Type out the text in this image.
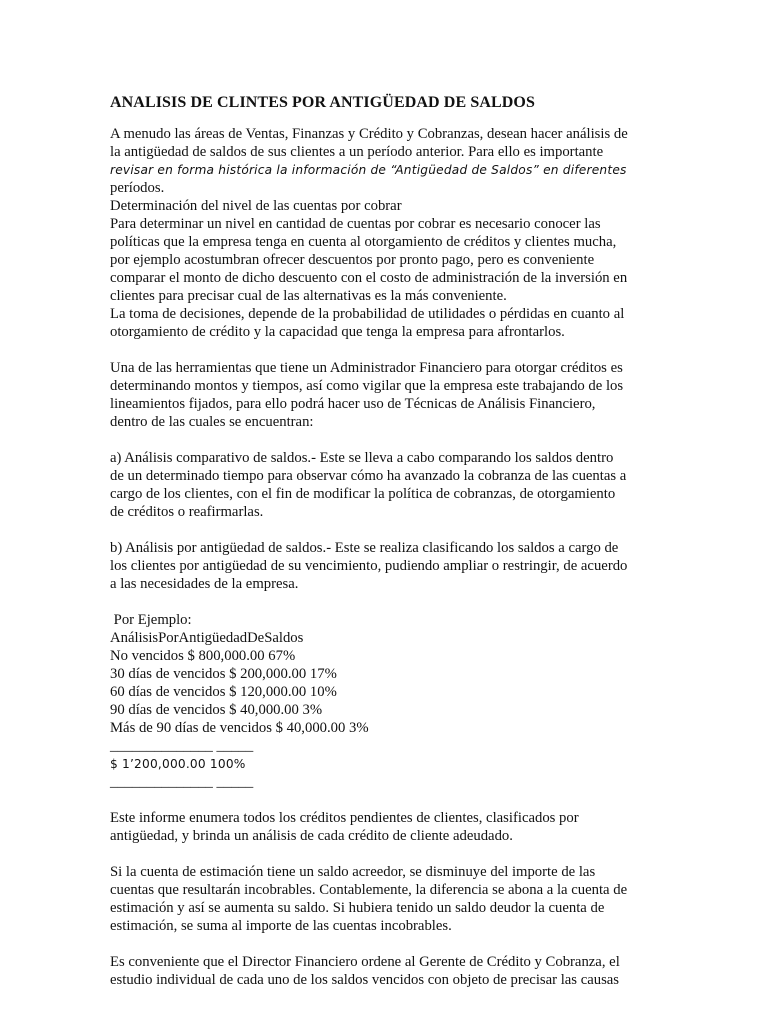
ANALISIS DE CLINTES POR ANTIGÜEDAD DE SALDOS
A menudo las áreas de Ventas, Finanzas y Crédito y Cobranzas, desean hacer análisis de
la antigüedad de saldos de sus clientes a un período anterior. Para ello es importante
revisar en forma histórica la información de “Antigüedad de Saldos” en diferentes
períodos.
Determinación del nivel de las cuentas por cobrar
Para determinar un nivel en cantidad de cuentas por cobrar es necesario conocer las
políticas que la empresa tenga en cuenta al otorgamiento de créditos y clientes mucha,
por ejemplo acostumbran ofrecer descuentos por pronto pago, pero es conveniente
comparar el monto de dicho descuento con el costo de administración de la inversión en
clientes para precisar cual de las alternativas es la más conveniente.
La toma de decisiones, depende de la probabilidad de utilidades o pérdidas en cuanto al
otorgamiento de crédito y la capacidad que tenga la empresa para afrontarlos.
Una de las herramientas que tiene un Administrador Financiero para otorgar créditos es
determinando montos y tiempos, así como vigilar que la empresa este trabajando de los
lineamientos fijados, para ello podrá hacer uso de Técnicas de Análisis Financiero,
dentro de las cuales se encuentran:
a) Análisis comparativo de saldos.- Este se lleva a cabo comparando los saldos dentro
de un determinado tiempo para observar cómo ha avanzado la cobranza de las cuentas a
cargo de los clientes, con el fin de modificar la política de cobranzas, de otorgamiento
de créditos o reafirmarlas.
b) Análisis por antigüedad de saldos.- Este se realiza clasificando los saldos a cargo de
los clientes por antigüedad de su vencimiento, pudiendo ampliar o restringir, de acuerdo
a las necesidades de la empresa.
Por Ejemplo:
AnálisisPorAntigüedadDeSaldos
No vencidos $ 800,000.00 67%
30 días de vencidos $ 200,000.00 17%
60 días de vencidos $ 120,000.00 10%
90 días de vencidos $ 40,000.00 3%
Más de 90 días de vencidos $ 40,000.00 3%
______________ _____
$ 1’200,000.00 100%
______________ _____
Este informe enumera todos los créditos pendientes de clientes, clasificados por
antigüedad, y brinda un análisis de cada crédito de cliente adeudado.
Si la cuenta de estimación tiene un saldo acreedor, se disminuye del importe de las
cuentas que resultarán incobrables. Contablemente, la diferencia se abona a la cuenta de
estimación y así se aumenta su saldo. Si hubiera tenido un saldo deudor la cuenta de
estimación, se suma al importe de las cuentas incobrables.
Es conveniente que el Director Financiero ordene al Gerente de Crédito y Cobranza, el
estudio individual de cada uno de los saldos vencidos con objeto de precisar las causas
